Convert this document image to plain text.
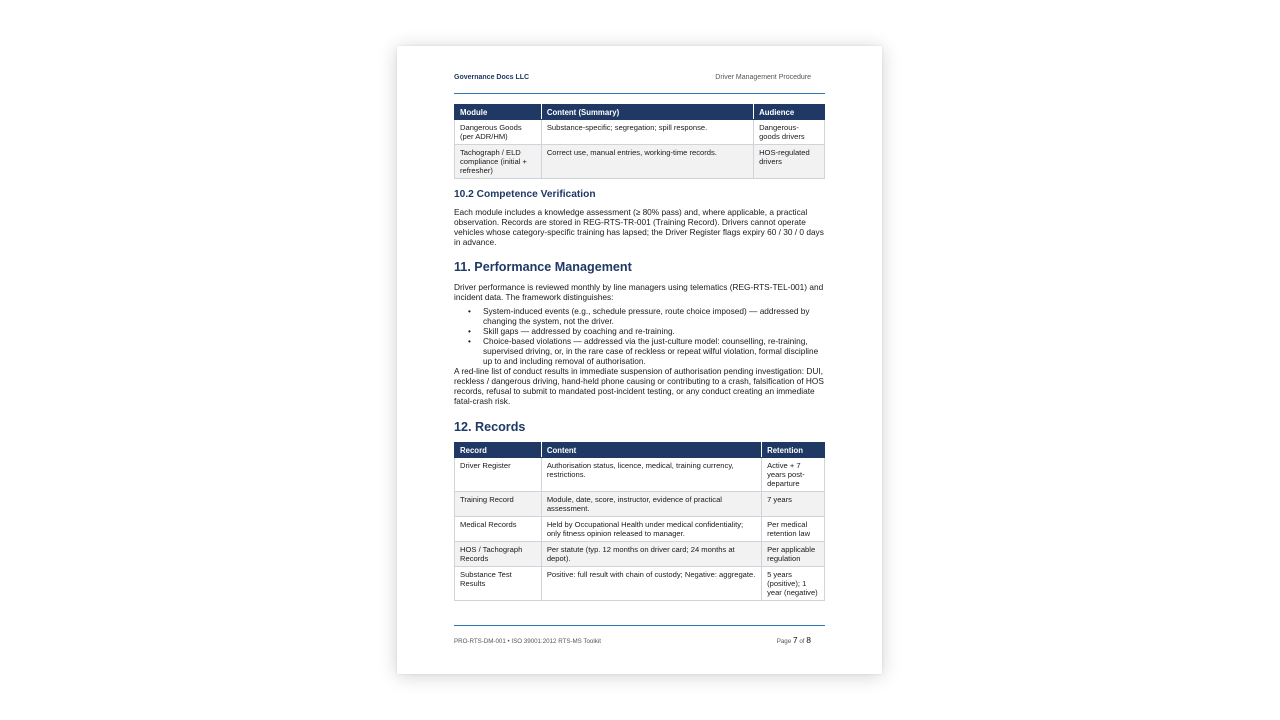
Governance Docs LLC	Driver Management Procedure
Module	Content (Summary)	Audience
Dangerous Goods (per ADR/HM)	Substance-specific; segregation; spill response.	Dangerous-goods drivers
Tachograph / ELD compliance (initial + refresher)	Correct use, manual entries, working-time records.	HOS-regulated drivers
10.2 Competence Verification

Each module includes a knowledge assessment (≥ 80% pass) and, where applicable, a practical observation. Records are stored in REG-RTS-TR-001 (Training Record). Drivers cannot operate vehicles whose category-specific training has lapsed; the Driver Register flags expiry 60 / 30 / 0 days in advance.

11. Performance Management

Driver performance is reviewed monthly by line managers using telematics (REG-RTS-TEL-001) and incident data. The framework distinguishes:

• System-induced events (e.g., schedule pressure, route choice imposed) — addressed by changing the system, not the driver.
• Skill gaps — addressed by coaching and re-training.
• Choice-based violations — addressed via the just-culture model: counselling, re-training, supervised driving, or, in the rare case of reckless or repeat wilful violation, formal discipline up to and including removal of authorisation.

A red-line list of conduct results in immediate suspension of authorisation pending investigation: DUI, reckless / dangerous driving, hand-held phone causing or contributing to a crash, falsification of HOS records, refusal to submit to mandated post-incident testing, or any conduct creating an immediate fatal-crash risk.

12. Records
Record	Content	Retention
Driver Register	Authorisation status, licence, medical, training currency, restrictions.	Active + 7 years post-departure
Training Record	Module, date, score, instructor, evidence of practical assessment.	7 years
Medical Records	Held by Occupational Health under medical confidentiality; only fitness opinion released to manager.	Per medical retention law
HOS / Tachograph Records	Per statute (typ. 12 months on driver card; 24 months at depot).	Per applicable regulation
Substance Test Results	Positive: full result with chain of custody; Negative: aggregate.	5 years (positive); 1 year (negative)
PRO-RTS-DM-001 • ISO 39001:2012 RTS-MS Toolkit	Page 7 of 8
